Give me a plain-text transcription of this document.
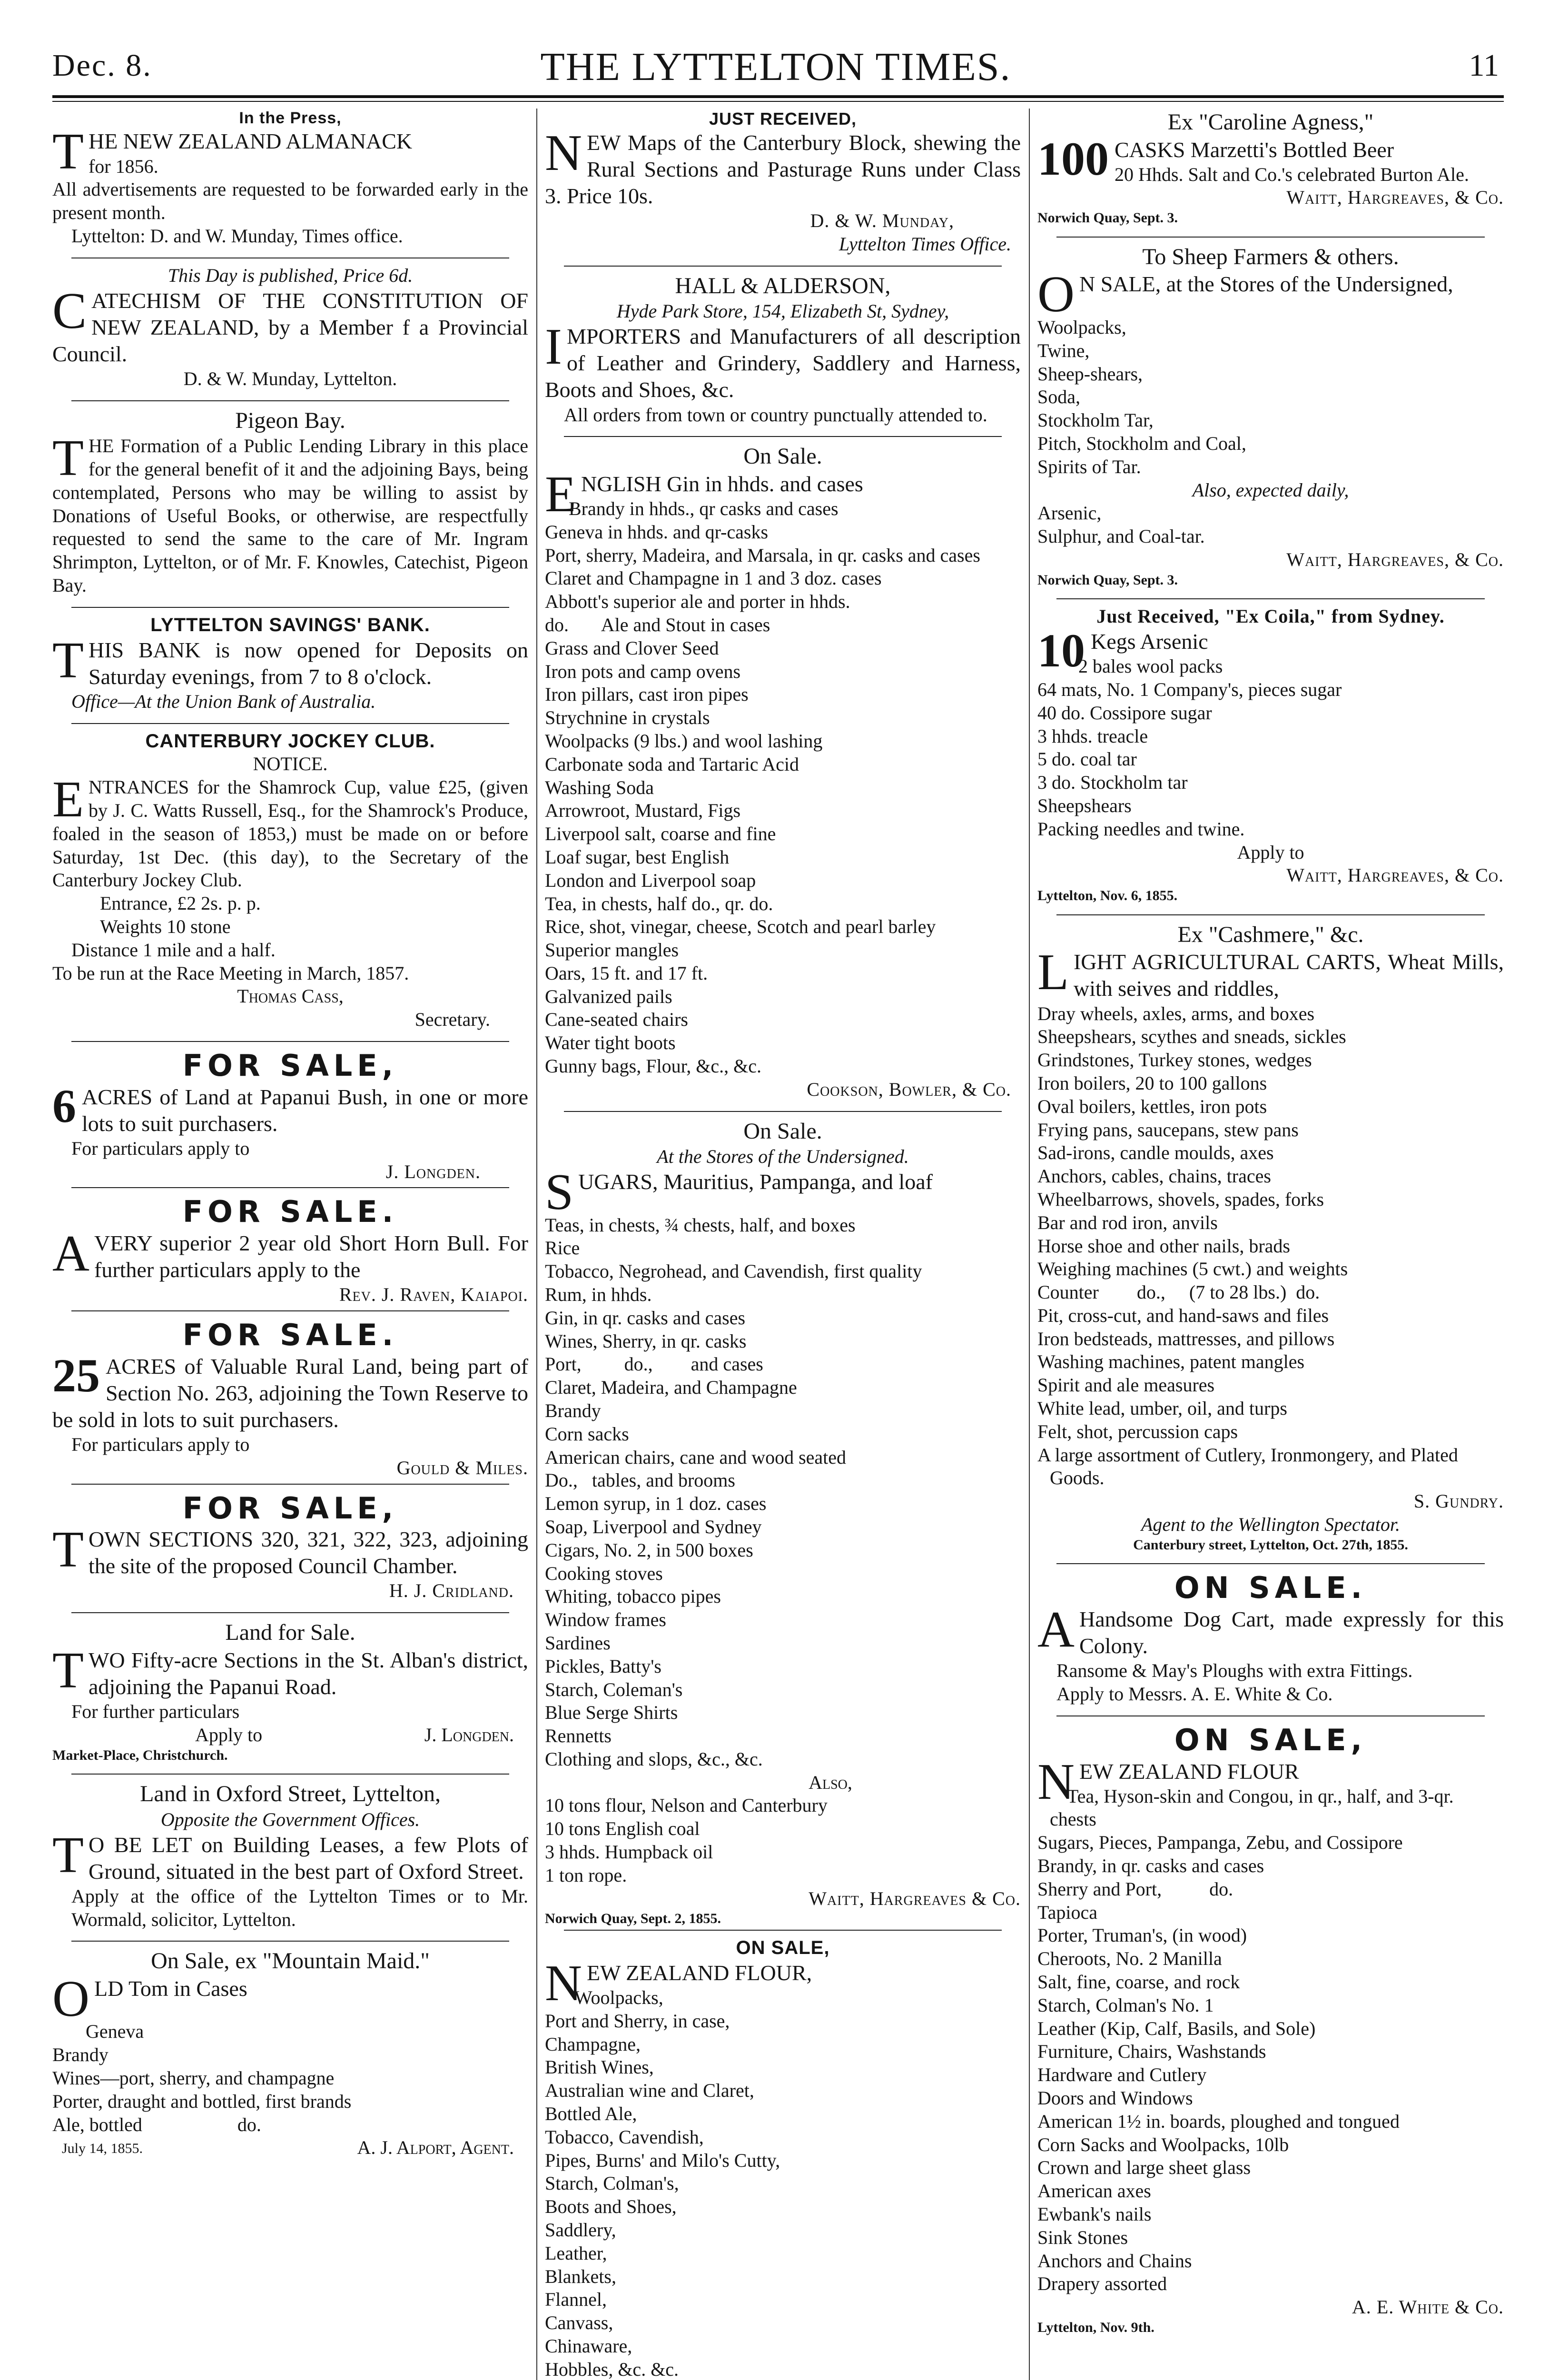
Dec. 8.	THE LYTTELTON TIMES.	11
In the Press,
THE NEW ZEALAND ALMANACK
for 1856.
All advertisements are requested to be forwarded early in the present month.
Lyttelton: D. and W. Munday, Times office.
This Day is published, Price 6d.
CATECHISM OF THE CONSTITUTION OF NEW ZEALAND, by a Member f a Provincial Council.
D. & W. Munday, Lyttelton.
Pigeon Bay.
THE Formation of a Public Lending Library in this place for the general benefit of it and the adjoining Bays, being contemplated, Persons who may be willing to assist by Donations of Useful Books, or otherwise, are respectfully requested to send the same to the care of Mr. Ingram Shrimpton, Lyttelton, or of Mr. F. Knowles, Catechist, Pigeon Bay.
LYTTELTON SAVINGS' BANK.
THIS BANK is now opened for Deposits on Saturday evenings, from 7 to 8 o'clock.
Office—At the Union Bank of Australia.
CANTERBURY JOCKEY CLUB.
NOTICE.
ENTRANCES for the Shamrock Cup, value £25, (given by J. C. Watts Russell, Esq., for the Shamrock's Produce, foaled in the season of 1853,) must be made on or before Saturday, 1st Dec. (this day), to the Secretary of the Canterbury Jockey Club.
Entrance, £2 2s. p. p.
Weights 10 stone
Distance 1 mile and a half.
To be run at the Race Meeting in March, 1857.
Thomas Cass,
Secretary.
FOR SALE,
6 ACRES of Land at Papanui Bush, in one or more lots to suit purchasers.
For particulars apply to
J. Longden.
FOR SALE.
AVERY superior 2 year old Short Horn Bull. For further particulars apply to the
Rev. J. Raven, Kaiapoi.
FOR SALE.
25 ACRES of Valuable Rural Land, being part of Section No. 263, adjoining the Town Reserve to be sold in lots to suit purchasers.
For particulars apply to
Gould & Miles.
FOR SALE,
TOWN SECTIONS 320, 321, 322, 323, adjoining the site of the proposed Council Chamber.
H. J. Cridland.
Land for Sale.
TWO Fifty-acre Sections in the St. Alban's district, adjoining the Papanui Road.
For further particulars
Apply to	J. Longden.
Market-Place, Christchurch.
Land in Oxford Street, Lyttelton,
Opposite the Government Offices.
T O BE LET on Building Leases, a few Plots of Ground, situated in the best part of Oxford Street.
Apply at the office of the Lyttelton Times or to Mr. Wormald, solicitor, Lyttelton.
On Sale, ex "Mountain Maid."
OLD Tom in Cases
Geneva
Brandy
Wines—port, sherry, and champagne
Porter, draught and bottled, first brands
Ale, bottled                    do.
July 14, 1855.	A. J. Alport, Agent.
JUST RECEIVED,
NEW Maps of the Canterbury Block, shewing the Rural Sections and Pasturage Runs under Class 3. Price 10s.
D. & W. Munday,
Lyttelton Times Office.
HALL & ALDERSON,
Hyde Park Store, 154, Elizabeth St, Sydney,
IMPORTERS and Manufacturers of all description of Leather and Grindery, Saddlery and Harness, Boots and Shoes, &c.
All orders from town or country punctually attended to.
On Sale.
ENGLISH Gin in hhds. and cases
Brandy in hhds., qr casks and cases
Geneva in hhds. and qr-casks
Port, sherry, Madeira, and Marsala, in qr. casks and cases
Claret and Champagne in 1 and 3 doz. cases
Abbott's superior ale and porter in hhds.
do.       Ale and Stout in cases
Grass and Clover Seed
Iron pots and camp ovens
Iron pillars, cast iron pipes
Strychnine in crystals
Woolpacks (9 lbs.) and wool lashing
Carbonate soda and Tartaric Acid
Washing Soda
Arrowroot, Mustard, Figs
Liverpool salt, coarse and fine
Loaf sugar, best English
London and Liverpool soap
Tea, in chests, half do., qr. do.
Rice, shot, vinegar, cheese, Scotch and pearl barley
Superior mangles
Oars, 15 ft. and 17 ft.
Galvanized pails
Cane-seated chairs
Water tight boots
Gunny bags, Flour, &c., &c.
Cookson, Bowler, & Co.
On Sale.
At the Stores of the Undersigned.
SUGARS, Mauritius, Pampanga, and loaf
Teas, in chests, ¾ chests, half, and boxes
Rice
Tobacco, Negrohead, and Cavendish, first quality
Rum, in hhds.
Gin, in qr. casks and cases
Wines, Sherry, in qr. casks
Port,         do.,        and cases
Claret, Madeira, and Champagne
Brandy
Corn sacks
American chairs, cane and wood seated
Do.,   tables, and brooms
Lemon syrup, in 1 doz. cases
Soap, Liverpool and Sydney
Cigars, No. 2, in 500 boxes
Cooking stoves
Whiting, tobacco pipes
Window frames
Sardines
Pickles, Batty's
Starch, Coleman's
Blue Serge Shirts
Rennetts
Clothing and slops, &c., &c.
Also,
10 tons flour, Nelson and Canterbury
10 tons English coal
3 hhds. Humpback oil
1 ton rope.
Waitt, Hargreaves & Co.
Norwich Quay, Sept. 2, 1855.
ON SALE,
NEW ZEALAND FLOUR,
Woolpacks,
Port and Sherry, in case,
Champagne,
British Wines,
Australian wine and Claret,
Bottled Ale,
Tobacco, Cavendish,
Pipes, Burns' and Milo's Cutty,
Starch, Colman's,
Boots and Shoes,
Saddlery,
Leather,
Blankets,
Flannel,
Canvass,
Chinaware,
Hobbles, &c. &c.
Ex "Caroline Agness,"
100 CASKS Marzetti's Bottled Beer
20 Hhds. Salt and Co.'s celebrated Burton Ale.
Waitt, Hargreaves, & Co.
Norwich Quay, Sept. 3.
To Sheep Farmers & others.
O N SALE, at the Stores of the Undersigned,
Woolpacks,
Twine,
Sheep-shears,
Soda,
Stockholm Tar,
Pitch, Stockholm and Coal,
Spirits of Tar.
Also, expected daily,
Arsenic,
Sulphur, and Coal-tar.
Waitt, Hargreaves, & Co.
Norwich Quay, Sept. 3.
Just Received, "Ex Coila," from Sydney.
10 Kegs Arsenic
2 bales wool packs
64 mats, No. 1 Company's, pieces sugar
40 do. Cossipore sugar
3 hhds. treacle
5 do. coal tar
3 do. Stockholm tar
Sheepshears
Packing needles and twine.
Apply to
Waitt, Hargreaves, & Co.
Lyttelton, Nov. 6, 1855.
Ex "Cashmere," &c.
LIGHT AGRICULTURAL CARTS, Wheat Mills, with seives and riddles,
Dray wheels, axles, arms, and boxes
Sheepshears, scythes and sneads, sickles
Grindstones, Turkey stones, wedges
Iron boilers, 20 to 100 gallons
Oval boilers, kettles, iron pots
Frying pans, saucepans, stew pans
Sad-irons, candle moulds, axes
Anchors, cables, chains, traces
Wheelbarrows, shovels, spades, forks
Bar and rod iron, anvils
Horse shoe and other nails, brads
Weighing machines (5 cwt.) and weights
Counter        do.,     (7 to 28 lbs.)  do.
Pit, cross-cut, and hand-saws and files
Iron bedsteads, mattresses, and pillows
Washing machines, patent mangles
Spirit and ale measures
White lead, umber, oil, and turps
Felt, shot, percussion caps
A large assortment of Cutlery, Ironmongery, and Plated Goods.
S. Gundry.
Agent to the Wellington Spectator.
Canterbury street, Lyttelton, Oct. 27th, 1855.
ON SALE.
A Handsome Dog Cart, made expressly for this Colony.
Ransome & May's Ploughs with extra Fittings.
Apply to Messrs. A. E. White & Co.
ON SALE,
NEW ZEALAND FLOUR
Tea, Hyson-skin and Congou, in qr., half, and 3-qr. chests
Sugars, Pieces, Pampanga, Zebu, and Cossipore
Brandy, in qr. casks and cases
Sherry and Port,          do.
Tapioca
Porter, Truman's, (in wood)
Cheroots, No. 2 Manilla
Salt, fine, coarse, and rock
Starch, Colman's No. 1
Leather (Kip, Calf, Basils, and Sole)
Furniture, Chairs, Washstands
Hardware and Cutlery
Doors and Windows
American 1½ in. boards, ploughed and tongued
Corn Sacks and Woolpacks, 10lb
Crown and large sheet glass
American axes
Ewbank's nails
Sink Stones
Anchors and Chains
Drapery assorted
A. E. White & Co.
Lyttelton, Nov. 9th.
